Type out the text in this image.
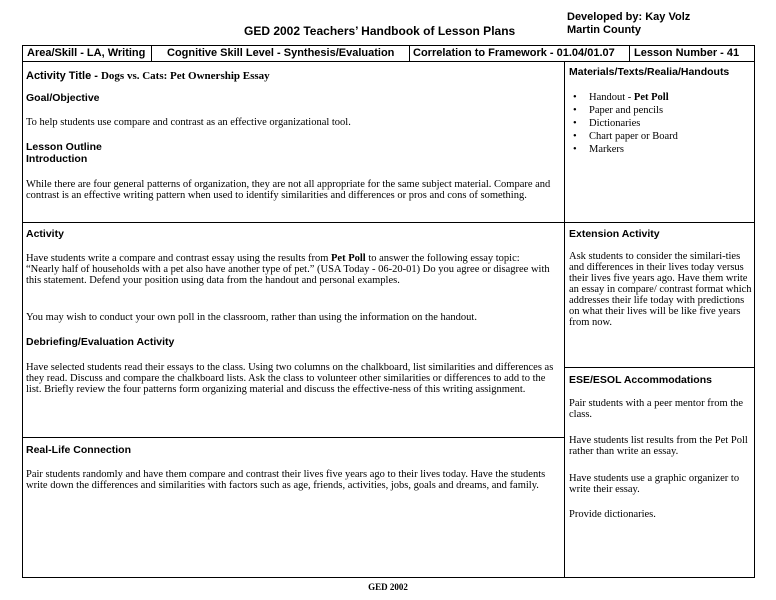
GED 2002 Teachers’ Handbook of Lesson Plans
Developed by: Kay Volz
Martin County
Area/Skill - LA, Writing Cognitive Skill Level - Synthesis/Evaluation Correlation to Framework - 01.04/01.07 Lesson Number - 41
Activity Title - Dogs vs. Cats: Pet Ownership Essay
Goal/Objective
To help students use compare and contrast as an effective organizational tool.
Lesson Outline
Introduction
While there are four general patterns of organization, they are not all appropriate for the same subject material. Compare and contrast is an effective writing pattern when used to identify similarities and differences or pros and cons of something.
Activity
Have students write a compare and contrast essay using the results from Pet Poll to answer the following essay topic:
“Nearly half of households with a pet also have another type of pet.” (USA Today - 06-20-01) Do you agree or disagree with this statement. Defend your position using data from the handout and personal examples.
You may wish to conduct your own poll in the classroom, rather than using the information on the handout.
Debriefing/Evaluation Activity
Have selected students read their essays to the class. Using two columns on the chalkboard, list similarities and differences as they read. Discuss and compare the chalkboard lists. Ask the class to volunteer other similarities or differences to add to the list. Briefly review the four patterns form organizing material and discuss the effective-ness of this writing assignment.
Real-Life Connection
Pair students randomly and have them compare and contrast their lives five years ago to their lives today. Have the students write down the differences and similarities with factors such as age, friends, activities, jobs, goals and dreams, and family.
Materials/Texts/Realia/Handouts
• Handout - Pet Poll
• Paper and pencils
• Dictionaries
• Chart paper or Board
• Markers
Extension Activity
Ask students to consider the similari-ties and differences in their lives today versus their lives five years ago. Have them write an essay in compare/ contrast format which addresses their life today with predictions on what their lives will be like five years from now.
ESE/ESOL Accommodations
Pair students with a peer mentor from the class.
Have students list results from the Pet Poll rather than write an essay.
Have students use a graphic organizer to write their essay.
Provide dictionaries.
GED 2002
